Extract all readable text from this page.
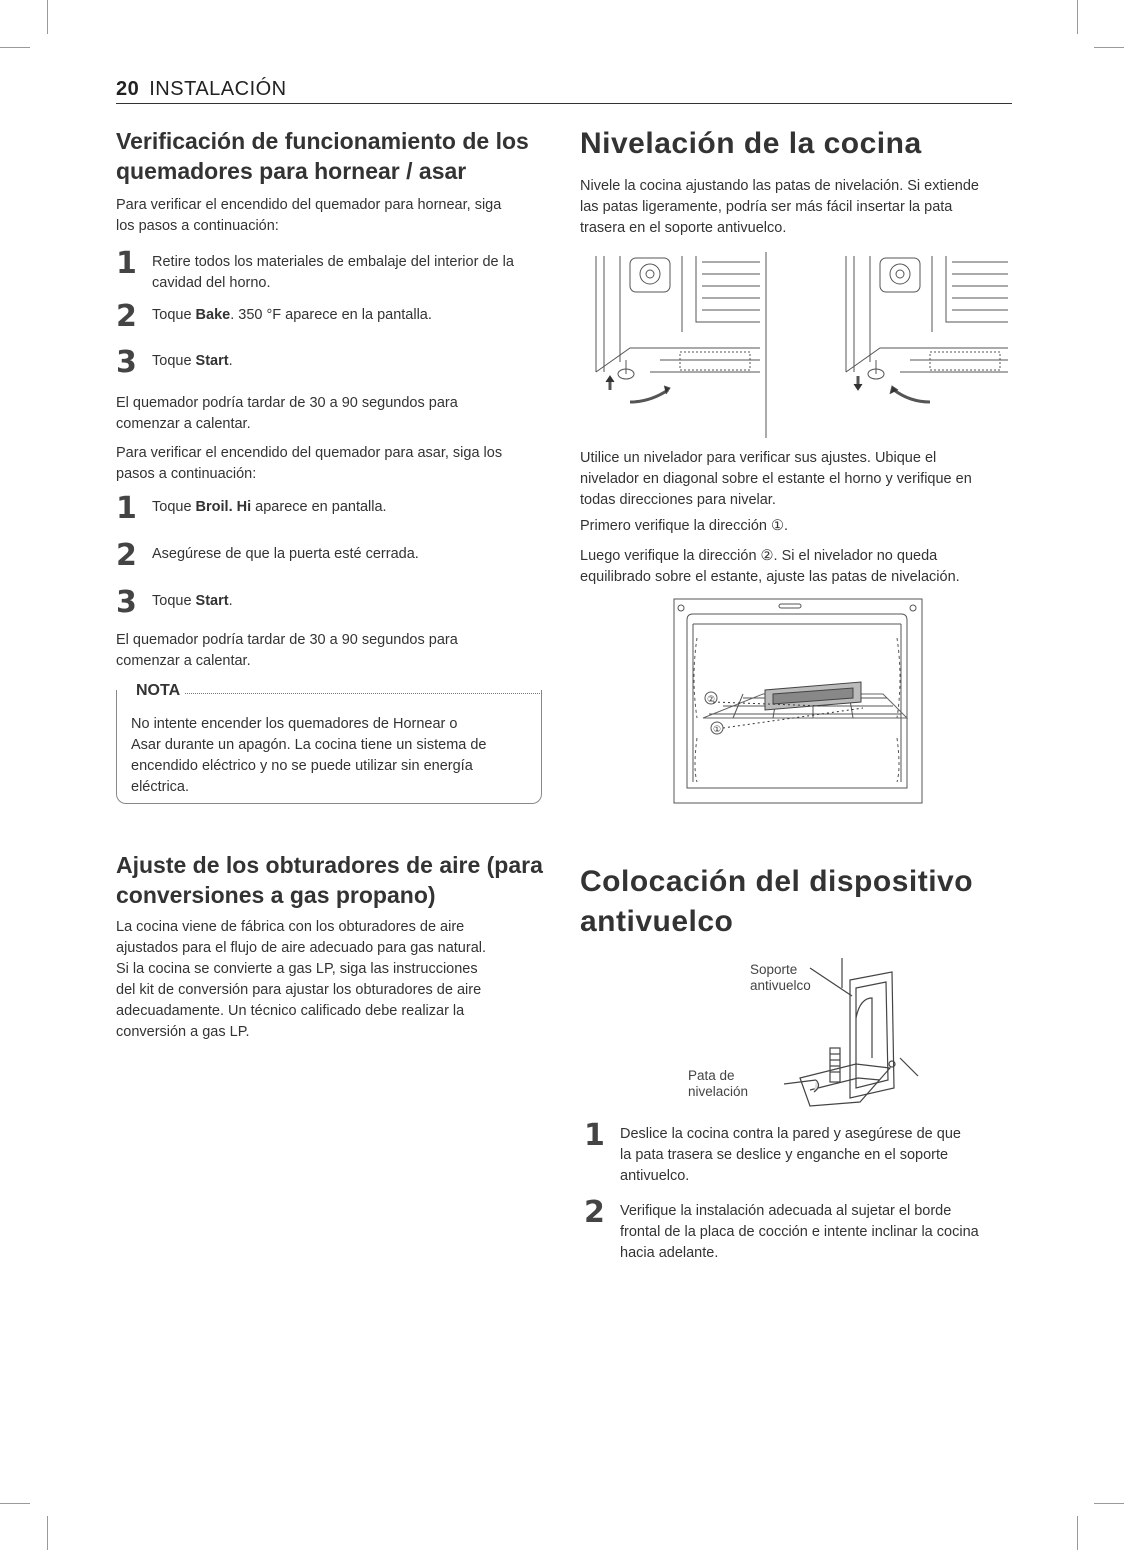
20 INSTALACIÓN
Verificación de funcionamiento de los
quemadores para hornear / asar

Para verificar el encendido del quemador para hornear, siga

los pasos a continuación:

1 Retire todos los materiales de embalaje del interior de la
cavidad del horno.
2 Toque Bake. 350 °F aparece en la pantalla.
3 Toque Start.

El quemador podría tardar de 30 a 90 segundos para

comenzar a calentar.

Para verificar el encendido del quemador para asar, siga los

pasos a continuación:

1 Toque Broil. Hi aparece en pantalla.
2 Asegúrese de que la puerta esté cerrada.
3 Toque Start.

El quemador podría tardar de 30 a 90 segundos para

comenzar a calentar.

NOTA

No intente encender los quemadores de Hornear o

Asar durante un apagón. La cocina tiene un sistema de

encendido eléctrico y no se puede utilizar sin energía

eléctrica.

Ajuste de los obturadores de aire (para
conversiones a gas propano)

La cocina viene de fábrica con los obturadores de aire

ajustados para el flujo de aire adecuado para gas natural.

Si la cocina se convierte a gas LP, siga las instrucciones

del kit de conversión para ajustar los obturadores de aire

adecuadamente. Un técnico calificado debe realizar la

conversión a gas LP.

Nivelación de la cocina

Nivele la cocina ajustando las patas de nivelación. Si extiende

las patas ligeramente, podría ser más fácil insertar la pata

trasera en el soporte antivuelco.

Utilice un nivelador para verificar sus ajustes. Ubique el

nivelador en diagonal sobre el estante el horno y verifique en

todas direcciones para nivelar.

Primero verifique la dirección ①.

Luego verifique la dirección ②. Si el nivelador no queda

equilibrado sobre el estante, ajuste las patas de nivelación.

②
①
Colocación del dispositivo
antivuelco
Soporte
antivuelco
Pata de
nivelación
1 Deslice la cocina contra la pared y asegúrese de que
la pata trasera se deslice y enganche en el soporte
antivuelco.
2 Verifique la instalación adecuada al sujetar el borde
frontal de la placa de cocción e intente inclinar la cocina
hacia adelante.
